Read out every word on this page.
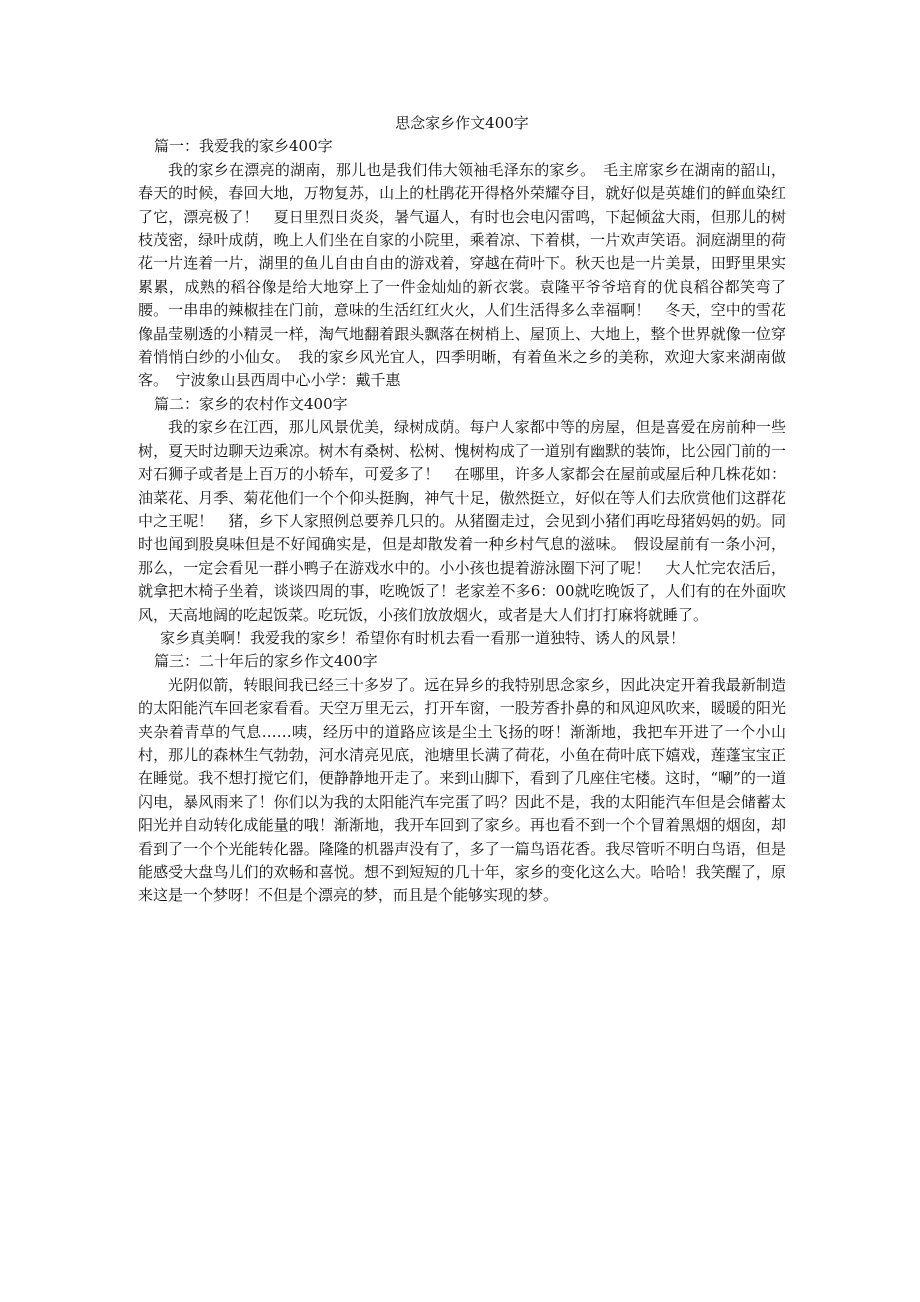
思念家乡作文400字

篇一：我爱我的家乡400字

我的家乡在漂亮的湖南，那儿也是我们伟大领袖毛泽东的家乡。　毛主席家乡在湖南的韶山，春天的时候，春回大地，万物复苏，山上的杜鹃花开得格外荣耀夺目，就好似是英雄们的鲜血染红了它，漂亮极了！　夏日里烈日炎炎，暑气逼人，有时也会电闪雷鸣，下起倾盆大雨，但那儿的树枝茂密，绿叶成荫，晚上人们坐在自家的小院里，乘着凉、下着棋，一片欢声笑语。洞庭湖里的荷花一片连着一片，湖里的鱼儿自由自由的游戏着，穿越在荷叶下。秋天也是一片美景，田野里果实累累，成熟的稻谷像是给大地穿上了一件金灿灿的新衣裳。袁隆平爷爷培育的优良稻谷都笑弯了腰。一串串的辣椒挂在门前，意味的生活红红火火，人们生活得多么幸福啊！　冬天，空中的雪花像晶莹剔透的小精灵一样，淘气地翻着跟头飘落在树梢上、屋顶上、大地上，整个世界就像一位穿着悄悄白纱的小仙女。　我的家乡风光宜人，四季明晰，有着鱼米之乡的美称，欢迎大家来湖南做客。　宁波象山县西周中心小学：戴千惠

篇二：家乡的农村作文400字

我的家乡在江西，那儿风景优美，绿树成荫。每户人家都中等的房屋，但是喜爱在房前种一些树，夏天时边聊天边乘凉。树木有桑树、松树、愧树构成了一道别有幽默的装饰，比公园门前的一对石狮子或者是上百万的小轿车，可爱多了！　在哪里，许多人家都会在屋前或屋后种几株花如：油菜花、月季、菊花他们一个个仰头挺胸，神气十足，傲然挺立，好似在等人们去欣赏他们这群花中之王呢！　猪，乡下人家照例总要养几只的。从猪圈走过，会见到小猪们再吃母猪妈妈的奶。同时也闻到股臭味但是不好闻确实是，但是却散发着一种乡村气息的滋味。　假设屋前有一条小河，那么，一定会看见一群小鸭子在游戏水中的。小小孩也提着游泳圈下河了呢！　大人忙完农活后，就拿把木椅子坐着，谈谈四周的事，吃晚饭了！老家差不多6：00就吃晚饭了，人们有的在外面吹风，天高地阔的吃起饭菜。吃玩饭，小孩们放放烟火，或者是大人们打打麻将就睡了。

家乡真美啊！我爱我的家乡！希望你有时机去看一看那一道独特、诱人的风景！

篇三：二十年后的家乡作文400字

光阴似箭，转眼间我已经三十多岁了。远在异乡的我特别思念家乡，因此决定开着我最新制造的太阳能汽车回老家看看。天空万里无云，打开车窗，一股芳香扑鼻的和风迎风吹来，暖暖的阳光夹杂着青草的气息……咦，经历中的道路应该是尘土飞扬的呀！渐渐地，我把车开进了一个小山村，那儿的森林生气勃勃，河水清亮见底，池塘里长满了荷花，小鱼在荷叶底下嬉戏，莲蓬宝宝正在睡觉。我不想打搅它们，便静静地开走了。来到山脚下，看到了几座住宅楼。这时，“唰”的一道闪电，暴风雨来了！你们以为我的太阳能汽车完蛋了吗？因此不是，我的太阳能汽车但是会储蓄太阳光并自动转化成能量的哦！渐渐地，我开车回到了家乡。再也看不到一个个冒着黑烟的烟囱，却看到了一个个光能转化器。隆隆的机器声没有了，多了一篇鸟语花香。我尽管听不明白鸟语，但是能感受大盘鸟儿们的欢畅和喜悦。想不到短短的几十年，家乡的变化这么大。哈哈！我笑醒了，原来这是一个梦呀！不但是个漂亮的梦，而且是个能够实现的梦。
